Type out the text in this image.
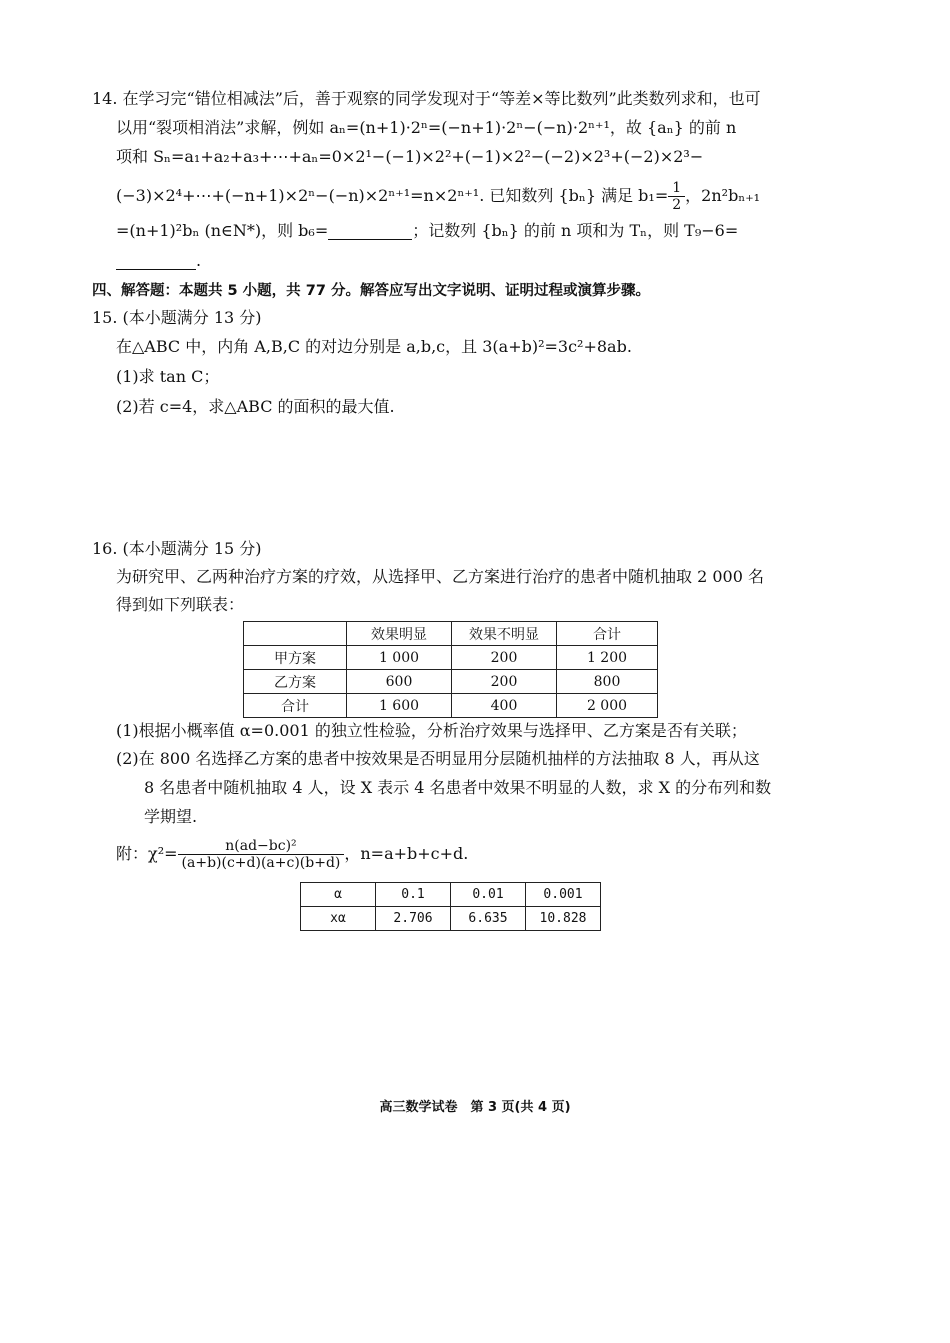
14. 在学习完“错位相减法”后，善于观察的同学发现对于“等差×等比数列”此类数列求和，也可
以用“裂项相消法”求解，例如 aₙ=(n+1)·2ⁿ=(−n+1)·2ⁿ−(−n)·2ⁿ⁺¹，故 {aₙ} 的前 n
项和 Sₙ=a₁+a₂+a₃+⋯+aₙ=0×2¹−(−1)×2²+(−1)×2²−(−2)×2³+(−2)×2³−
(−3)×2⁴+⋯+(−n+1)×2ⁿ−(−n)×2ⁿ⁺¹=n×2ⁿ⁺¹. 已知数列 {bₙ} 满足 $b_1= \frac{1}{2}$ ，2n²bₙ₊₁
=(n+1)²bₙ (n∈N*)，则 b₆=	；记数列 {bₙ} 的前 n 项和为 Tₙ，则 T₉−6=
.
四、解答题：本题共 5 小题，共 77 分。解答应写出文字说明、证明过程或演算步骤。
15. (本小题满分 13 分)
在△ABC 中，内角 A,B,C 的对边分别是 a,b,c，且 3(a+b)²=3c²+8ab.
(1)求 tan C；
(2)若 c=4，求△ABC 的面积的最大值.
16. (本小题满分 15 分)
为研究甲、乙两种治疗方案的疗效，从选择甲、乙方案进行治疗的患者中随机抽取 2 000 名
得到如下列联表：
	效果明显	效果不明显	合计
甲方案	1 000	200	1 200
乙方案	600	200	800
合计	1 600	400	2 000
(1)根据小概率值 α=0.001 的独立性检验，分析治疗效果与选择甲、乙方案是否有关联；
(2)在 800 名选择乙方案的患者中按效果是否明显用分层随机抽样的方法抽取 8 人，再从这
8 名患者中随机抽取 4 人，设 X 表示 4 名患者中效果不明显的人数，求 X 的分布列和数
学期望.
附：$\chi^2= \frac{\text{n(ad−bc)²}}{(a+b)(c+d)(a+c)(b+d)}$ ，n=a+b+c+d.
α	0.1	0.01	0.001
xα	2.706	6.635	10.828
高三数学试卷　第 3 页(共 4 页)
